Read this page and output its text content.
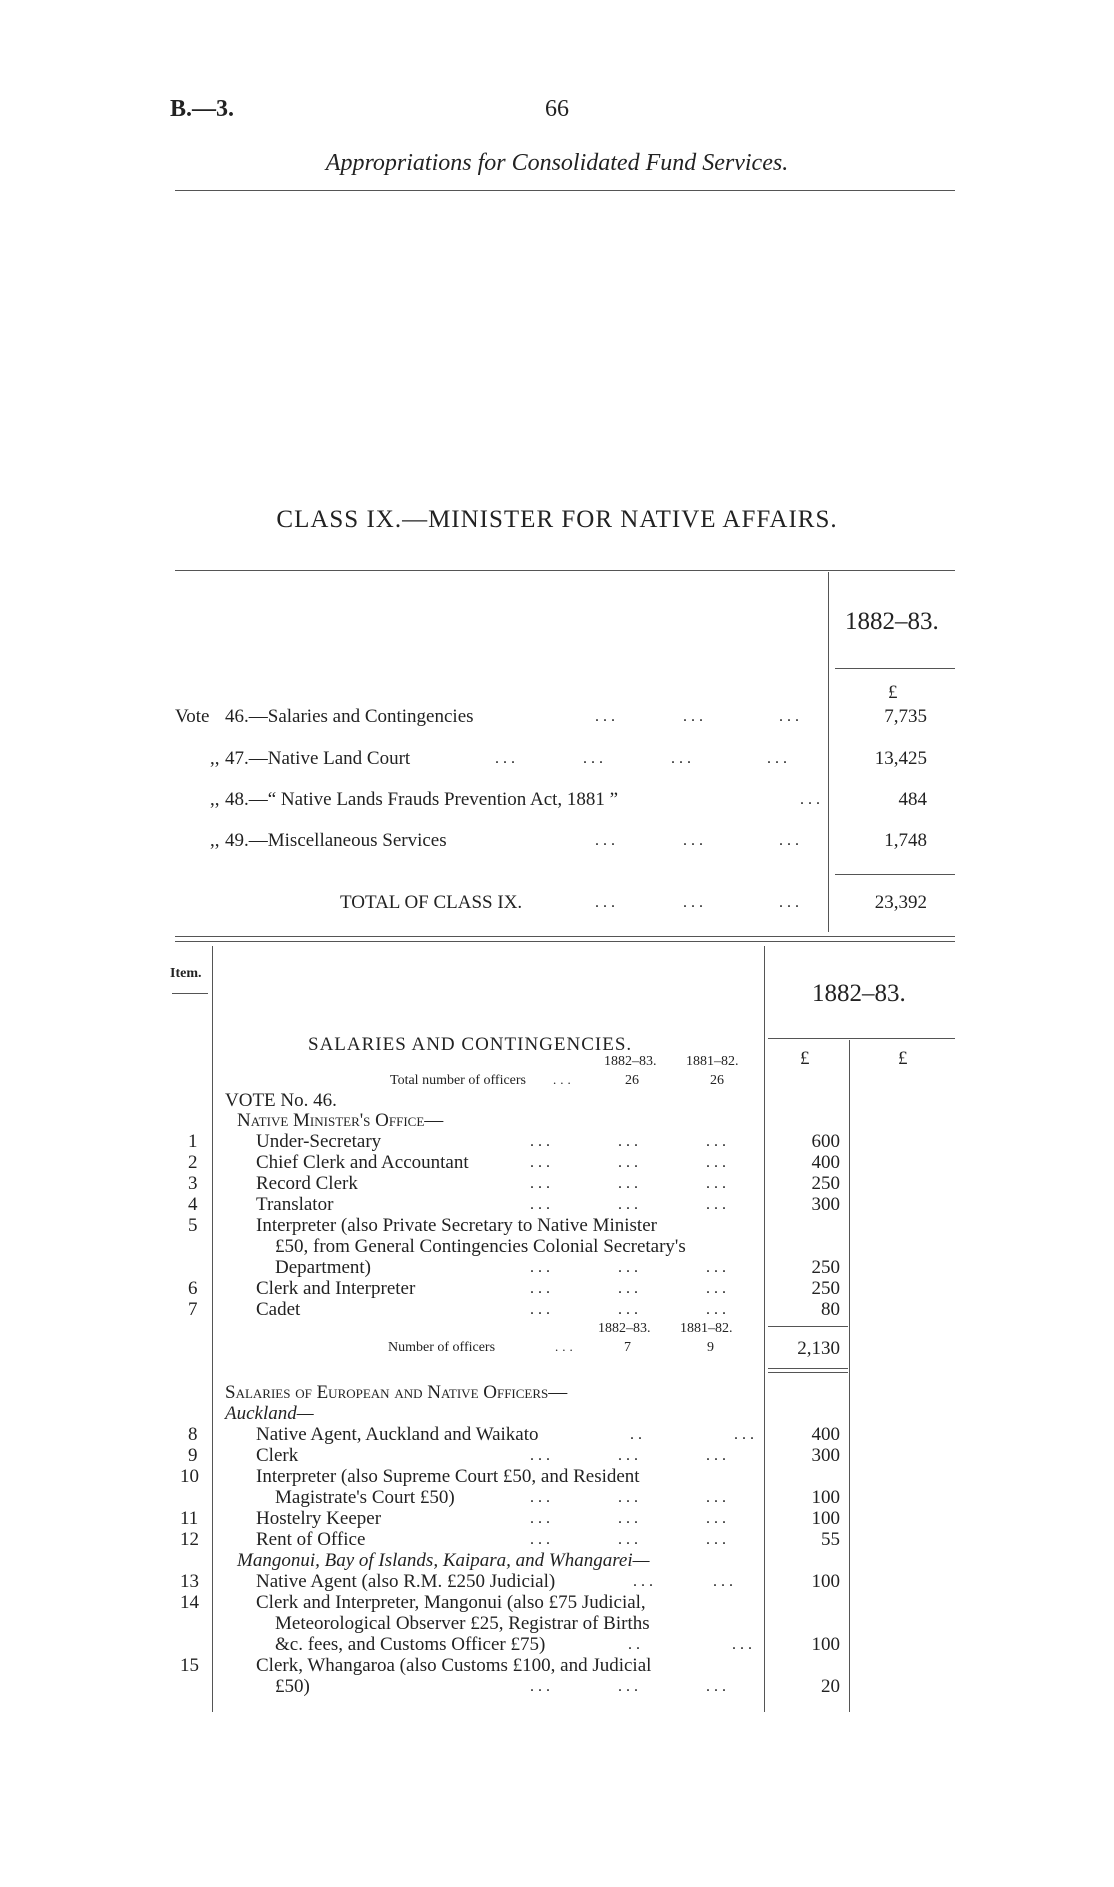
B.—3.	66
Appropriations for Consolidated Fund Services.
CLASS IX.—MINISTER FOR NATIVE AFFAIRS.
1882–83.
£
Vote 46.—Salaries and Contingencies	...        ...         ...	7,735
,, 47.—Native Land Court	...        ...        ...         ...	13,425
,, 48.—“ Native Lands Frauds Prevention Act, 1881 ”	...	484
,, 49.—Miscellaneous Services	...        ...         ...	1,748
TOTAL OF CLASS IX.	...        ...         ...	23,392
Item.
1882–83.
£	£
SALARIES AND CONTINGENCIES.
1882–83. 1881–82.
Total number of officers ...	26	26
VOTE No. 46.
Native Minister's Office—
1	Under-Secretary	...        ...        ...	600
2	Chief Clerk and Accountant	...        ...        ...	400
3	Record Clerk	...        ...        ...	250
4	Translator	...        ...        ...	300
5	Interpreter (also Private Secretary to Native Minister
£50, from General Contingencies Colonial Secretary's
Department)	...        ...        ...	250
6	Clerk and Interpreter	...        ...        ...	250
7	Cadet	...        ...        ...	80
1882–83. 1881–82.
Number of officers	...	7	9	2,130
Salaries of European and Native Officers—
Auckland—
8	Native Agent, Auckland and Waikato	..           ...	400
9	Clerk	...        ...        ...	300
10	Interpreter (also Supreme Court £50, and Resident
Magistrate's Court £50)	...        ...        ...	100
11	Hostelry Keeper	...        ...        ...	100
12	Rent of Office	...        ...        ...	55
Mangonui, Bay of Islands, Kaipara, and Whangarei—
13	Native Agent (also R.M. £250 Judicial)	...       ...	100
14	Clerk and Interpreter, Mangonui (also £75 Judicial,
Meteorological Observer £25, Registrar of Births
&c. fees, and Customs Officer £75)	..           ...	100
15	Clerk, Whangaroa (also Customs £100, and Judicial
£50)	...        ...        ...	20
